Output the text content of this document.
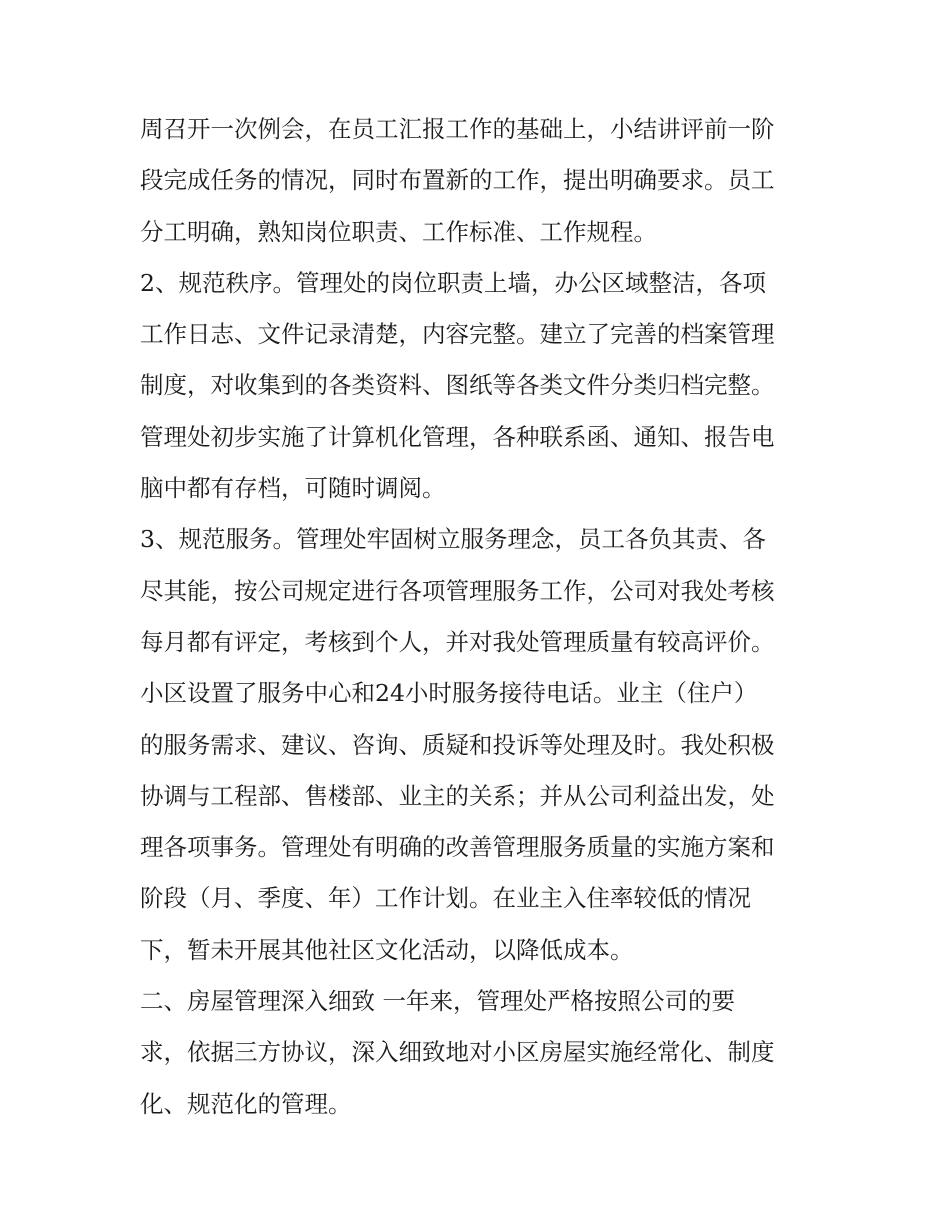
周召开一次例会，在员工汇报工作的基础上，小结讲评前一阶
段完成任务的情况，同时布置新的工作，提出明确要求。员工
分工明确，熟知岗位职责、工作标准、工作规程。
2、规范秩序。管理处的岗位职责上墙，办公区域整洁，各项
工作日志、文件记录清楚，内容完整。建立了完善的档案管理
制度，对收集到的各类资料、图纸等各类文件分类归档完整。
管理处初步实施了计算机化管理，各种联系函、通知、报告电
脑中都有存档，可随时调阅。
3、规范服务。管理处牢固树立服务理念，员工各负其责、各
尽其能，按公司规定进行各项管理服务工作，公司对我处考核
每月都有评定，考核到个人，并对我处管理质量有较高评价。
小区设置了服务中心和24小时服务接待电话。业主（住户）
的服务需求、建议、咨询、质疑和投诉等处理及时。我处积极
协调与工程部、售楼部、业主的关系；并从公司利益出发，处
理各项事务。管理处有明确的改善管理服务质量的实施方案和
阶段（月、季度、年）工作计划。在业主入住率较低的情况
下，暂未开展其他社区文化活动，以降低成本。
二、房屋管理深入细致 一年来，管理处严格按照公司的要
求，依据三方协议，深入细致地对小区房屋实施经常化、制度
化、规范化的管理。
